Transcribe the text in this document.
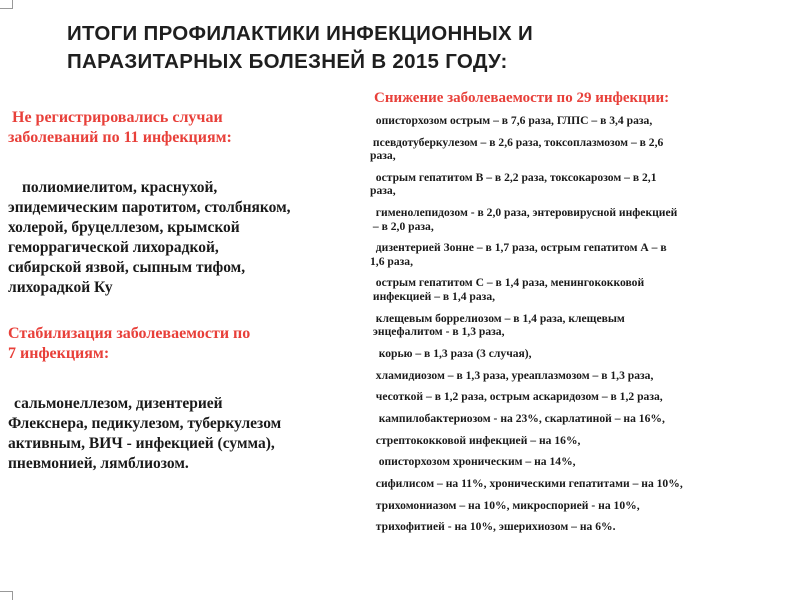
ИТОГИ ПРОФИЛАКТИКИ ИНФЕКЦИОННЫХ И
ПАРАЗИТАРНЫХ БОЛЕЗНЕЙ В 2015 ГОДУ:
Не регистрировались случаи
заболеваний по 11 инфекциям:
полиомиелитом, краснухой,
эпидемическим паротитом, столбняком,
холерой, бруцеллезом, крымской
геморрагической лихорадкой,
сибирской язвой, сыпным тифом,
лихорадкой Ку
Стабилизация заболеваемости по
7 инфекциям:
сальмонеллезом, дизентерией
Флекснера, педикулезом, туберкулезом
активным, ВИЧ - инфекцией (сумма),
пневмонией, лямблиозом.
Снижение заболеваемости по 29 инфекции:
описторхозом острым – в 7,6 раза, ГЛПС – в 3,4 раза,
псевдотуберкулезом – в 2,6 раза, токсоплазмозом – в 2,6
раза,
острым гепатитом В – в 2,2 раза, токсокарозом – в 2,1
раза,
гименолепидозом - в 2,0 раза, энтеровирусной инфекцией
– в 2,0 раза,
дизентерией Зонне – в 1,7 раза, острым гепатитом А – в
1,6 раза,
острым гепатитом С – в 1,4 раза, менингококковой
инфекцией – в 1,4 раза,
клещевым боррелиозом – в 1,4 раза, клещевым
энцефалитом - в 1,3 раза,
корью – в 1,3 раза (3 случая),
хламидиозом – в 1,3 раза, уреаплазмозом – в 1,3 раза,
чесоткой – в 1,2 раза, острым аскаридозом – в 1,2 раза,
кампилобактериозом - на 23%, скарлатиной – на 16%,
стрептококковой инфекцией – на 16%,
описторхозом хроническим – на 14%,
сифилисом – на 11%, хроническими гепатитами – на 10%,
трихомониазом – на 10%, микроспорией - на 10%,
трихофитией - на 10%, эшерихиозом – на 6%.
